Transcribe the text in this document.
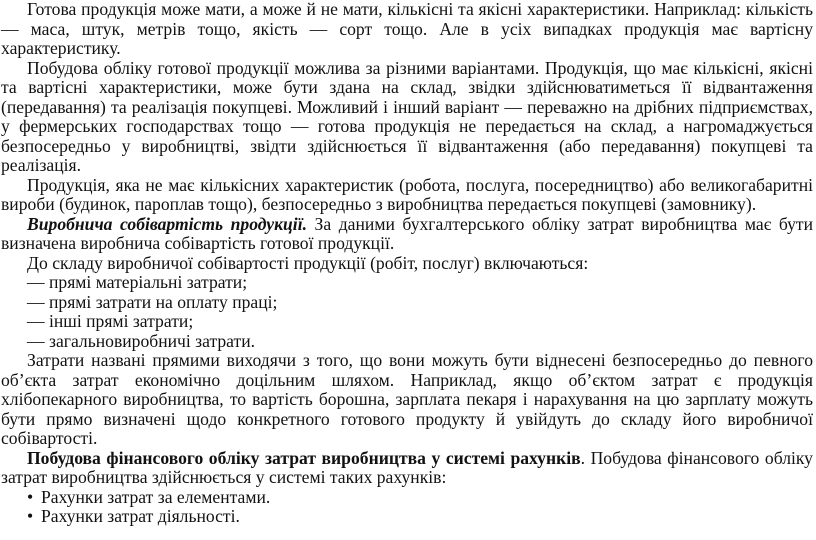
Готова продукція може мати, а може й не мати, кількісні та якісні характеристики. Наприклад: кількість — маса, штук, метрів тощо, якість — сорт тощо. Але в усіх випадках продукція має вартісну характеристику.

Побудова обліку готової продукції можлива за різними варіантами. Продукція, що має кількісні, якісні та вартісні характеристики, може бути здана на склад, звідки здійснюватиметься її відвантаження (передавання) та реалізація покупцеві. Можливий і інший варіант — переважно на дрібних підприємствах, у фермерських господарствах тощо — готова продукція не передається на склад, а нагромаджується безпосередньо у виробництві, звідти здійснюється її відвантаження (або передавання) покупцеві та реалізація.

Продукція, яка не має кількісних характеристик (робота, послуга, посередництво) або великогабаритні вироби (будинок, пароплав тощо), безпосередньо з виробництва передається покупцеві (замовнику).

Виробнича собівартість продукції. За даними бухгалтерського обліку затрат виробництва має бути визначена виробнича собівартість готової продукції.

До складу виробничої собівартості продукції (робіт, послуг) включаються:

— прямі матеріальні затрати;

— прямі затрати на оплату праці;

— інші прямі затрати;

— загальновиробничі затрати.

Затрати названі прямими виходячи з того, що вони можуть бути віднесені безпосередньо до певного об’єкта затрат економічно доцільним шляхом. Наприклад, якщо об’єктом затрат є продукція хлібопекарного виробництва, то вартість борошна, зарплата пекаря і нарахування на цю зарплату можуть бути прямо визначені щодо конкретного готового продукту й увійдуть до складу його виробничої собівартості.

Побудова фінансового обліку затрат виробництва у системі рахунків. Побудова фінансового обліку затрат виробництва здійснюється у системі таких рахунків:

• Рахунки затрат за елементами.

• Рахунки затрат діяльності.
